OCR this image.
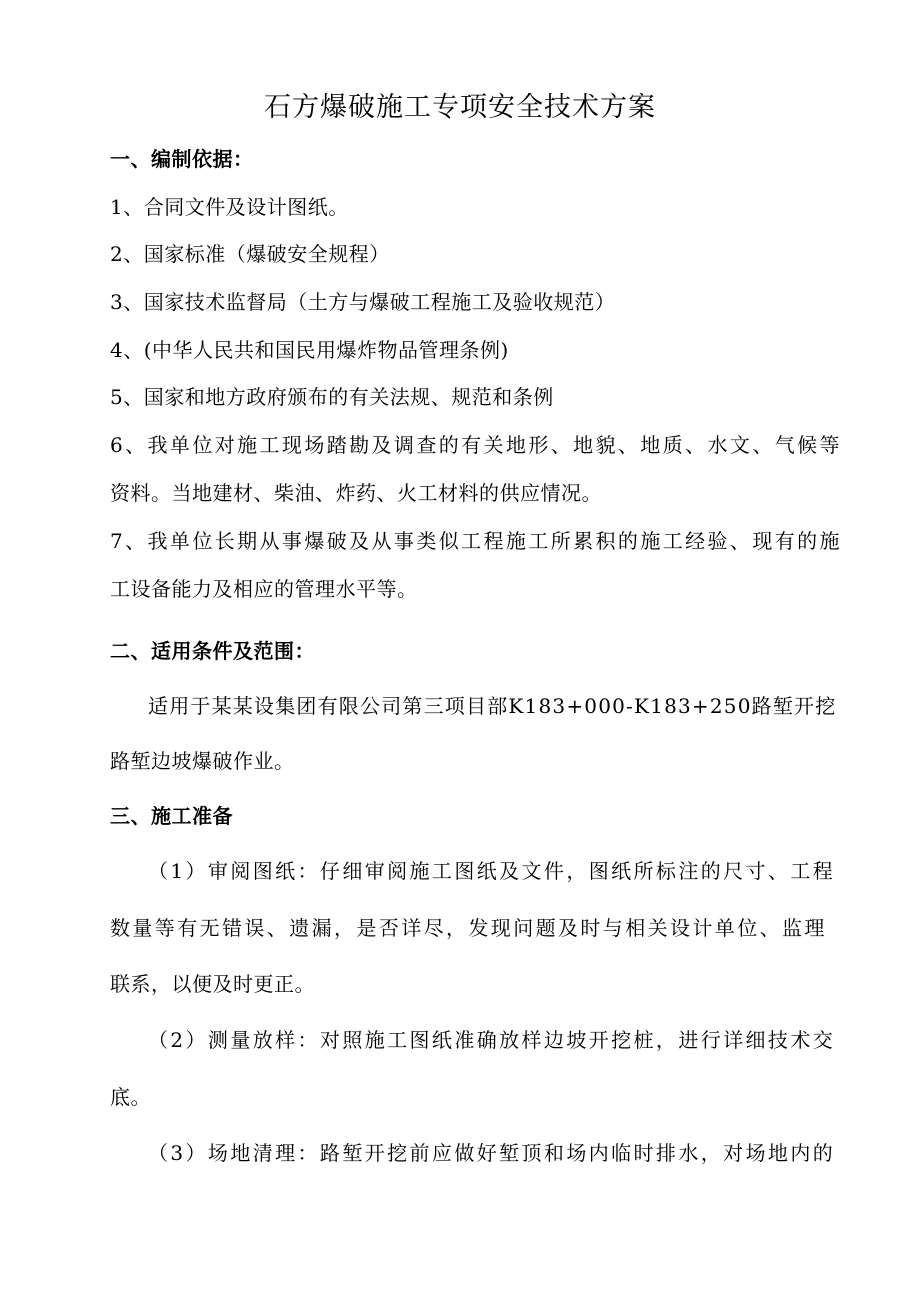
石方爆破施工专项安全技术方案
一、编制依据：
1、合同文件及设计图纸。
2、国家标准（爆破安全规程）
3、国家技术监督局（土方与爆破工程施工及验收规范）
4、(中华人民共和国民用爆炸物品管理条例)
5、国家和地方政府颁布的有关法规、规范和条例
6、我单位对施工现场踏勘及调查的有关地形、地貌、地质、水文、气候等
资料。当地建材、柴油、炸药、火工材料的供应情况。
7、我单位长期从事爆破及从事类似工程施工所累积的施工经验、现有的施
工设备能力及相应的管理水平等。
二、适用条件及范围：
适用于某某设集团有限公司第三项目部K183+000-K183+250路堑开挖
路堑边坡爆破作业。
三、施工准备
（1）审阅图纸：仔细审阅施工图纸及文件，图纸所标注的尺寸、工程
数量等有无错误、遗漏，是否详尽，发现问题及时与相关设计单位、监理
联系，以便及时更正。
（2）测量放样：对照施工图纸准确放样边坡开挖桩，进行详细技术交
底。
（3）场地清理：路堑开挖前应做好堑顶和场内临时排水，对场地内的
